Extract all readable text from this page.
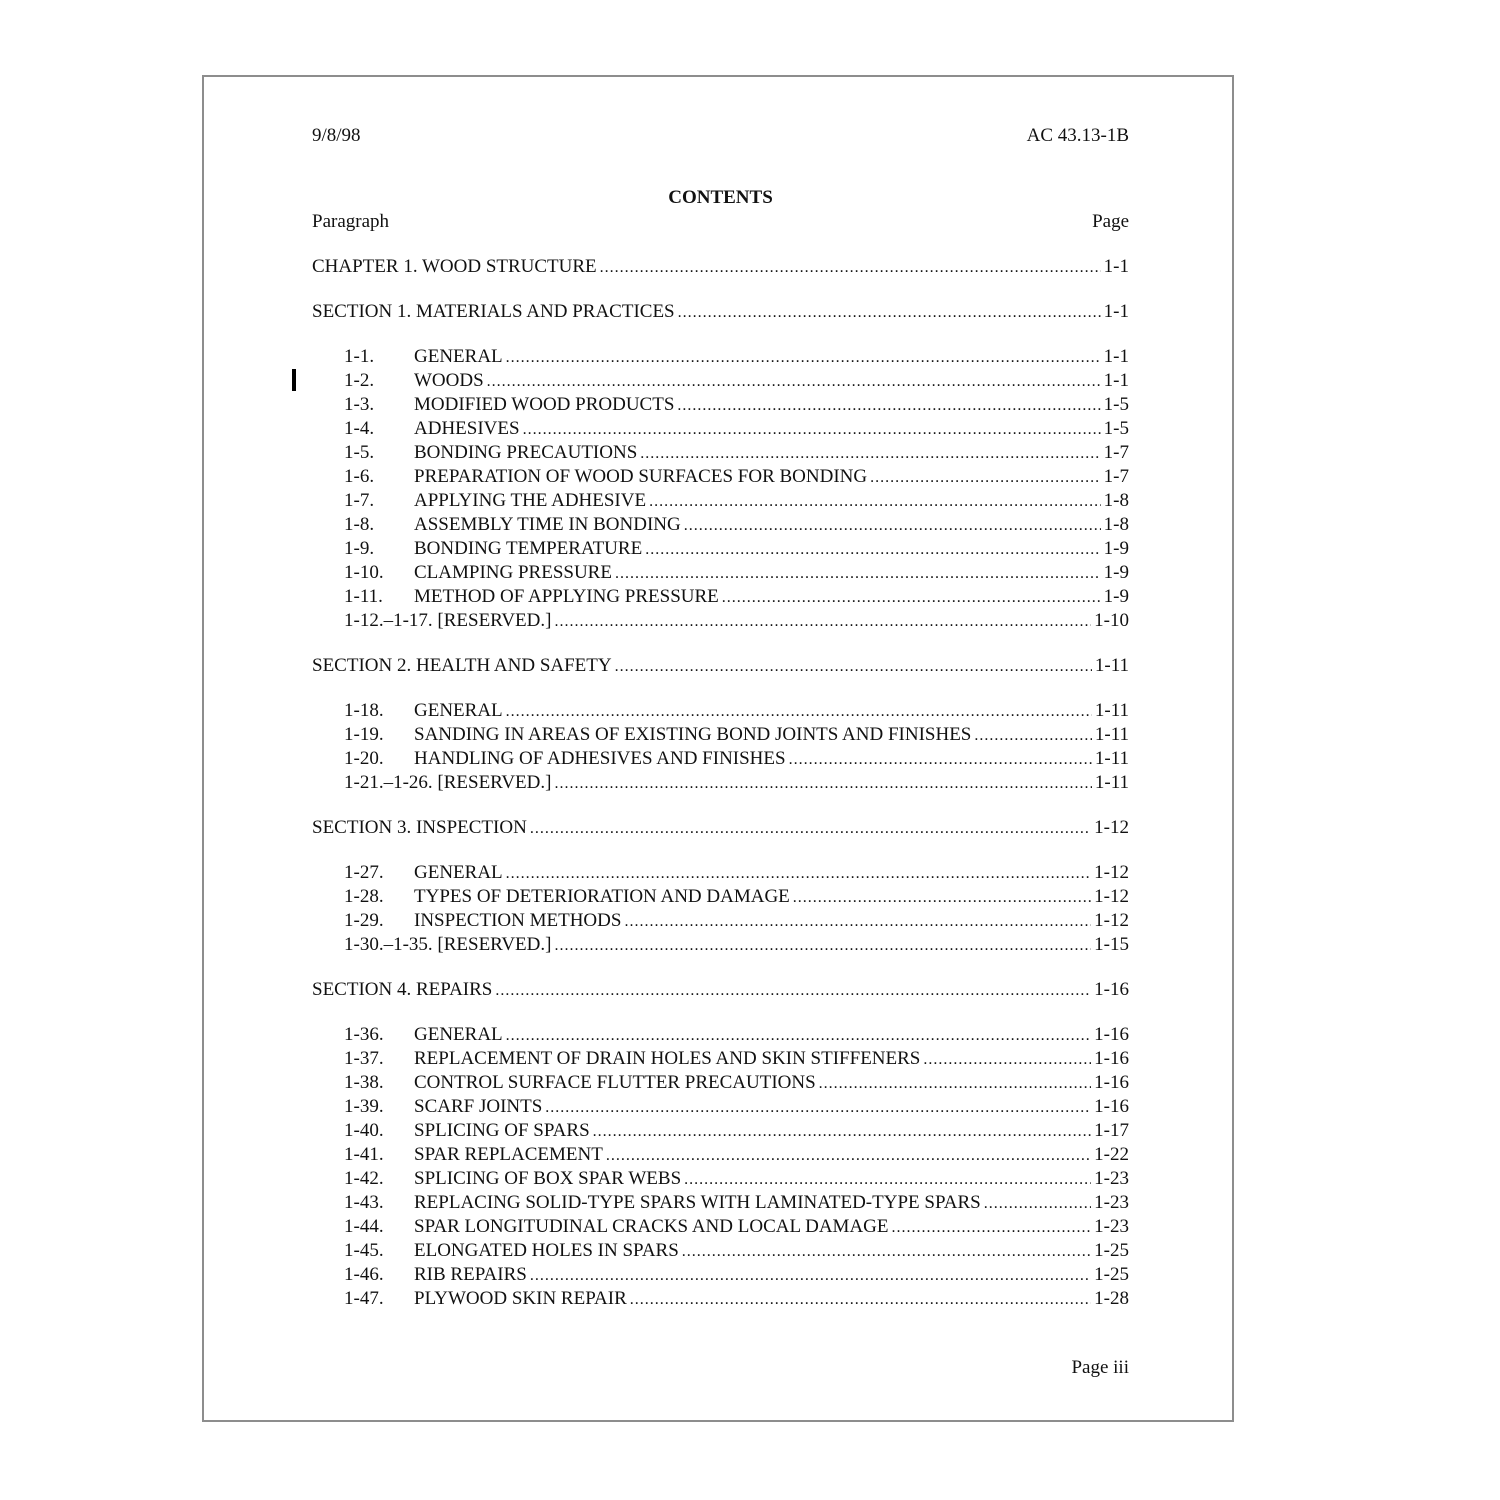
9/8/98	AC 43.13-1B
CONTENTS
Paragraph	Page
CHAPTER 1. WOOD STRUCTURE .....	1-1
SECTION 1. MATERIALS AND PRACTICES .....	1-1
1-1.	GENERAL .....	1-1
1-2.	WOODS .....	1-1
1-3.	MODIFIED WOOD PRODUCTS .....	1-5
1-4.	ADHESIVES .....	1-5
1-5.	BONDING PRECAUTIONS .....	1-7
1-6.	PREPARATION OF WOOD SURFACES FOR BONDING .....	1-7
1-7.	APPLYING THE ADHESIVE .....	1-8
1-8.	ASSEMBLY TIME IN BONDING .....	1-8
1-9.	BONDING TEMPERATURE .....	1-9
1-10.	CLAMPING PRESSURE .....	1-9
1-11.	METHOD OF APPLYING PRESSURE .....	1-9
1-12.–1-17. [RESERVED.] .....	1-10
SECTION 2. HEALTH AND SAFETY .....	1-11
1-18.	GENERAL .....	1-11
1-19.	SANDING IN AREAS OF EXISTING BOND JOINTS AND FINISHES .....	1-11
1-20.	HANDLING OF ADHESIVES AND FINISHES .....	1-11
1-21.–1-26. [RESERVED.] .....	1-11
SECTION 3. INSPECTION .....	1-12
1-27.	GENERAL .....	1-12
1-28.	TYPES OF DETERIORATION AND DAMAGE .....	1-12
1-29.	INSPECTION METHODS .....	1-12
1-30.–1-35. [RESERVED.] .....	1-15
SECTION 4. REPAIRS .....	1-16
1-36.	GENERAL .....	1-16
1-37.	REPLACEMENT OF DRAIN HOLES AND SKIN STIFFENERS .....	1-16
1-38.	CONTROL SURFACE FLUTTER PRECAUTIONS .....	1-16
1-39.	SCARF JOINTS .....	1-16
1-40.	SPLICING OF SPARS .....	1-17
1-41.	SPAR REPLACEMENT .....	1-22
1-42.	SPLICING OF BOX SPAR WEBS .....	1-23
1-43.	REPLACING SOLID-TYPE SPARS WITH LAMINATED-TYPE SPARS .....	1-23
1-44.	SPAR LONGITUDINAL CRACKS AND LOCAL DAMAGE .....	1-23
1-45.	ELONGATED HOLES IN SPARS .....	1-25
1-46.	RIB REPAIRS .....	1-25
1-47.	PLYWOOD SKIN REPAIR .....	1-28
Page iii
